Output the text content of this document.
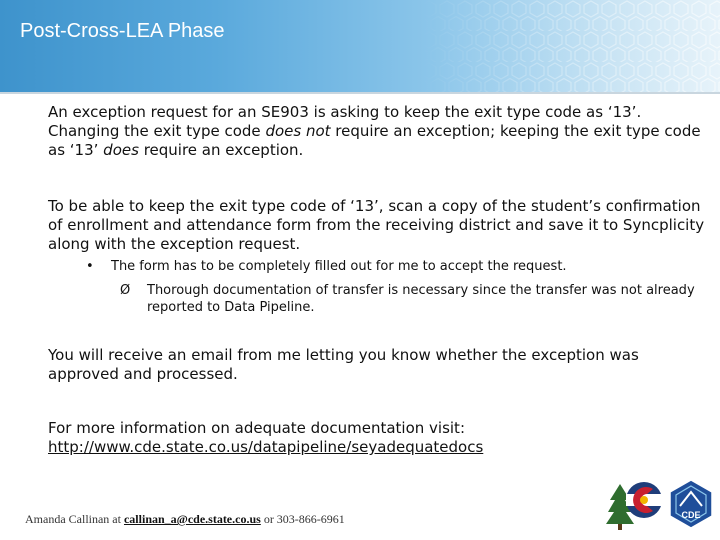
Post-Cross-LEA Phase

An exception request for an SE903 is asking to keep the exit type code as ‘13’. Changing the exit type code does not require an exception; keeping the exit type code as ‘13’ does require an exception.

To be able to keep the exit type code of ‘13’, scan a copy of the student’s confirmation of enrollment and attendance form from the receiving district and save it to Syncplicity along with the exception request.

• The form has to be completely filled out for me to accept the request.
Ø Thorough documentation of transfer is necessary since the transfer was not already reported to Data Pipeline.

You will receive an email from me letting you know whether the exception was approved and processed.

For more information on adequate documentation visit:
http://www.cde.state.co.us/datapipeline/seyadequatedocs

Amanda Callinan at callinan_a@cde.state.co.us or 303-866-6961	CDE
